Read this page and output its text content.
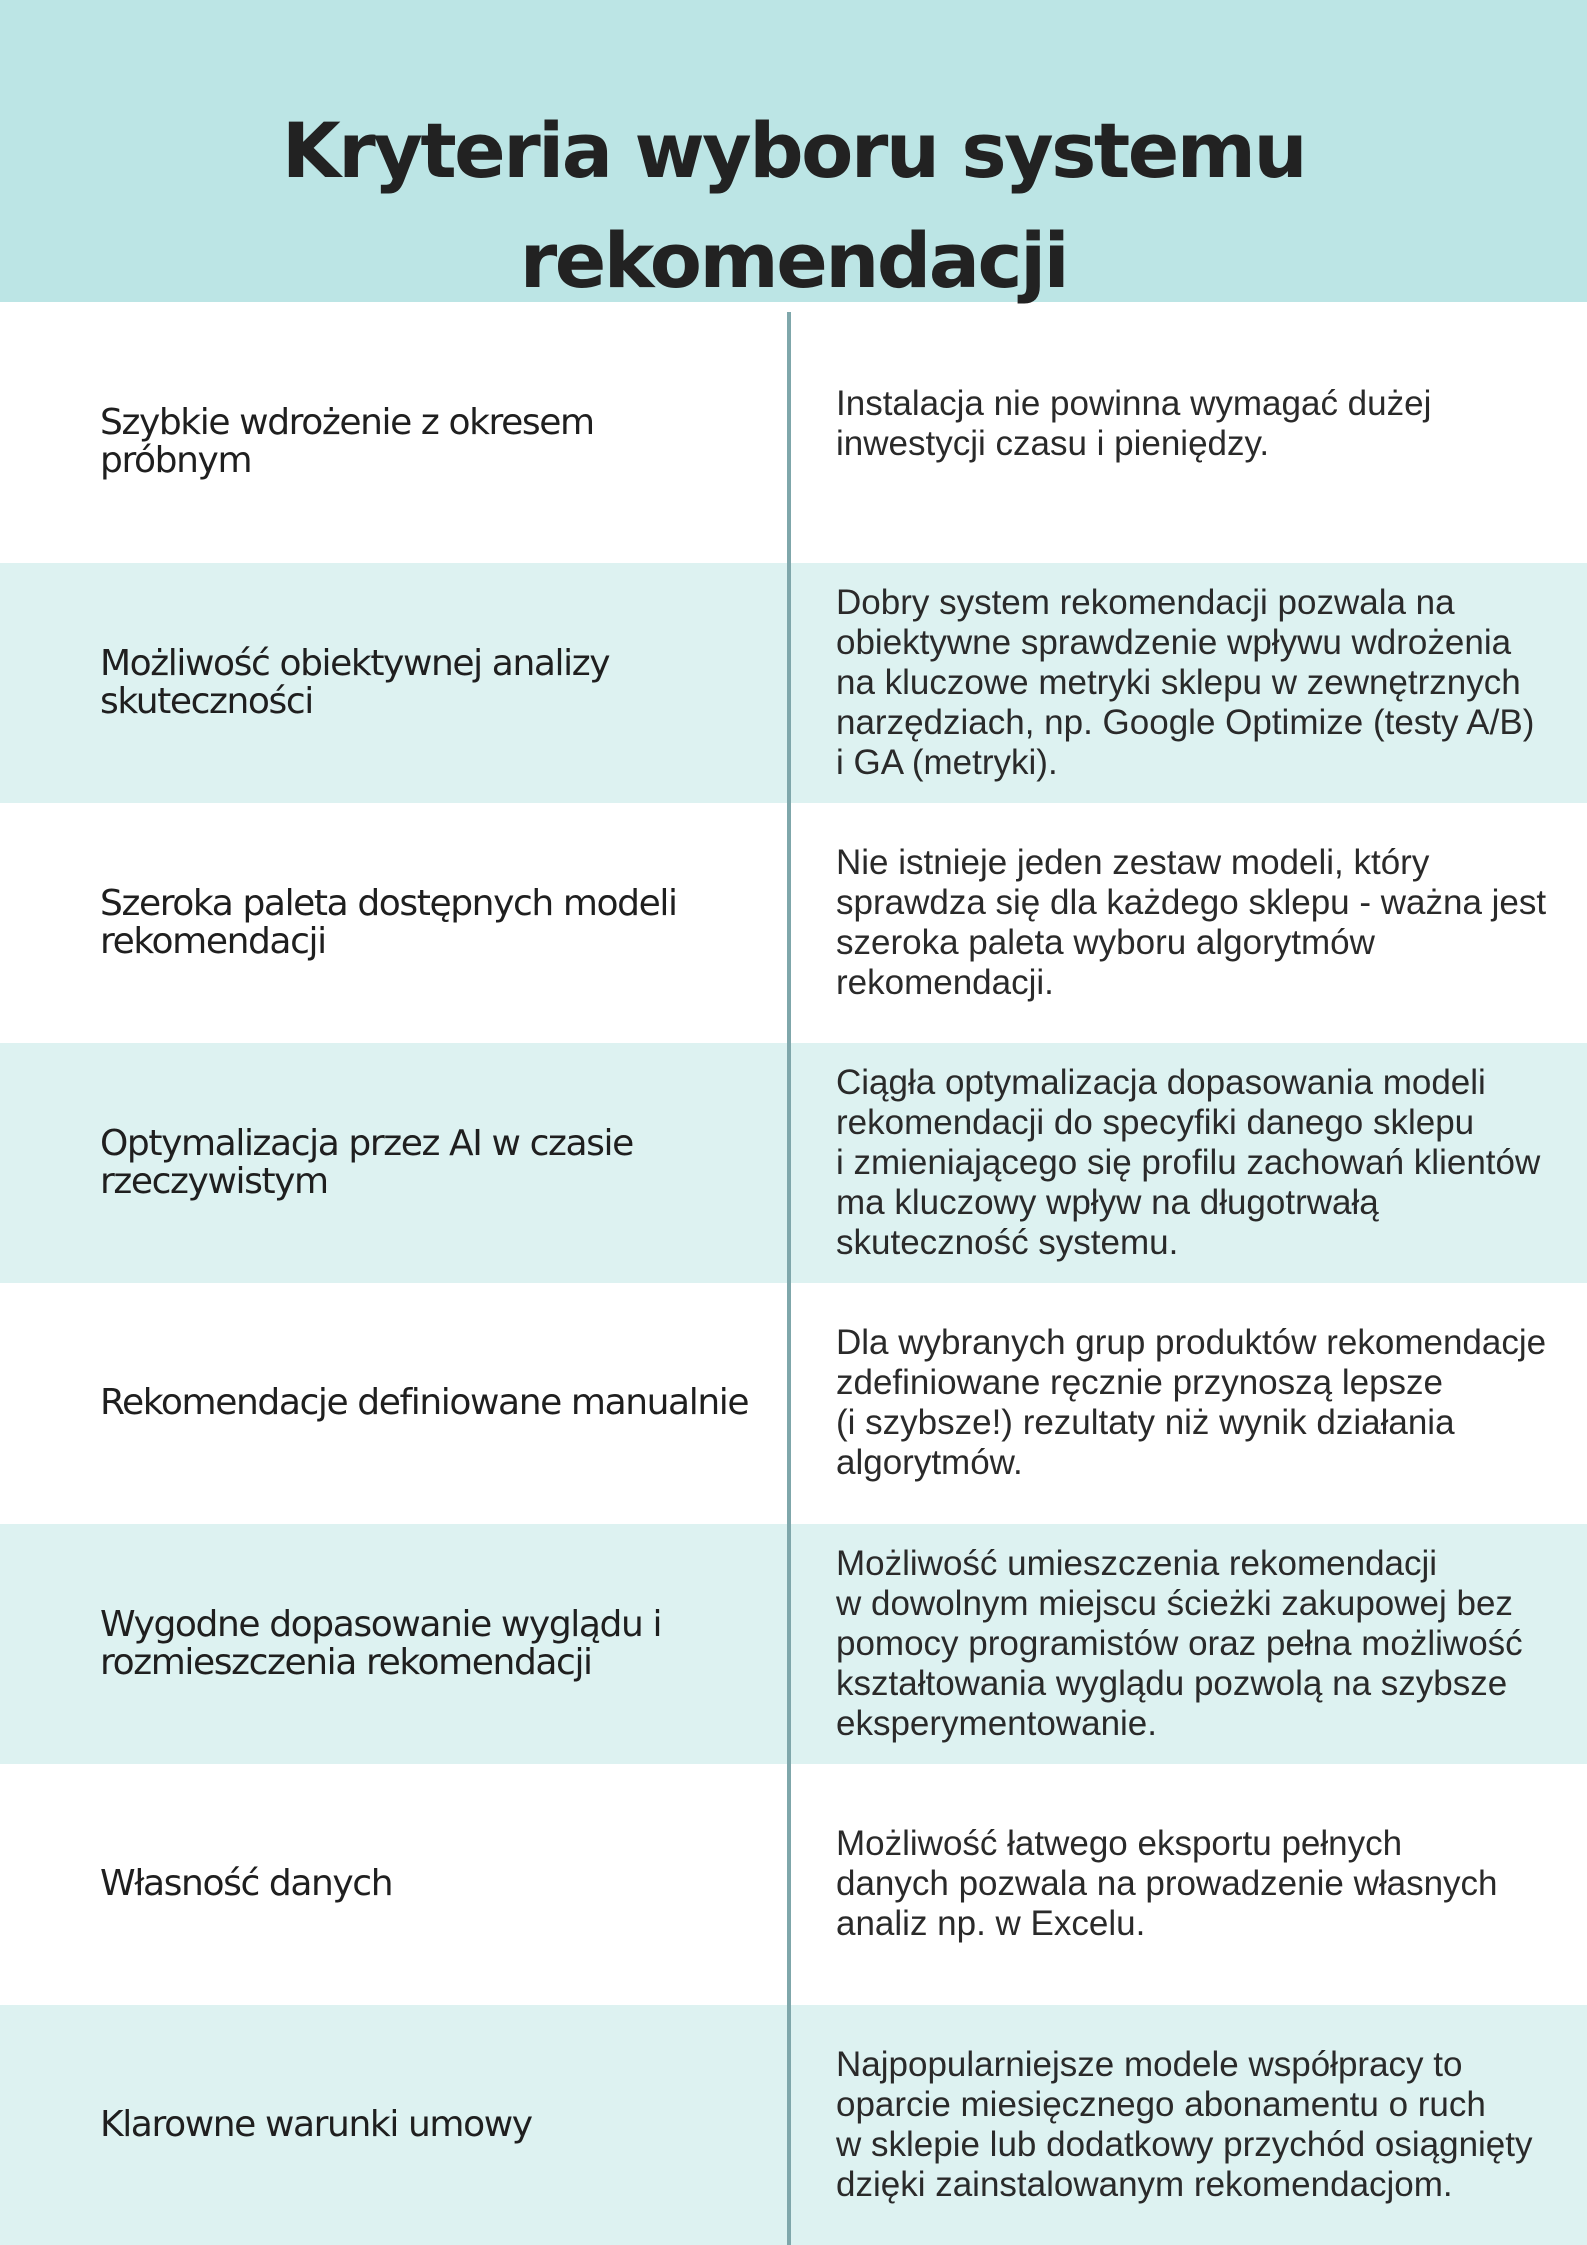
Kryteria wyboru systemu rekomendacji
Szybkie wdrożenie z okresem próbnym
Instalacja nie powinna wymagać dużej
inwestycji czasu i pieniędzy.
Możliwość obiektywnej analizy skuteczności
Dobry system rekomendacji pozwala na
obiektywne sprawdzenie wpływu wdrożenia
na kluczowe metryki sklepu w zewnętrznych
narzędziach, np. Google Optimize (testy A/B)
i GA (metryki).
Szeroka paleta dostępnych modeli rekomendacji
Nie istnieje jeden zestaw modeli, który
sprawdza się dla każdego sklepu - ważna jest
szeroka paleta wyboru algorytmów
rekomendacji.
Optymalizacja przez AI w czasie rzeczywistym
Ciągła optymalizacja dopasowania modeli
rekomendacji do specyfiki danego sklepu
i zmieniającego się profilu zachowań klientów
ma kluczowy wpływ na długotrwałą
skuteczność systemu.
Rekomendacje definiowane manualnie
Dla wybranych grup produktów rekomendacje
zdefiniowane ręcznie przynoszą lepsze
(i szybsze!) rezultaty niż wynik działania
algorytmów.
Wygodne dopasowanie wyglądu i rozmieszczenia rekomendacji
Możliwość umieszczenia rekomendacji
w dowolnym miejscu ścieżki zakupowej bez
pomocy programistów oraz pełna możliwość
kształtowania wyglądu pozwolą na szybsze
eksperymentowanie.
Własność danych
Możliwość łatwego eksportu pełnych
danych pozwala na prowadzenie własnych
analiz np. w Excelu.
Klarowne warunki umowy
Najpopularniejsze modele współpracy to
oparcie miesięcznego abonamentu o ruch
w sklepie lub dodatkowy przychód osiągnięty
dzięki zainstalowanym rekomendacjom.
